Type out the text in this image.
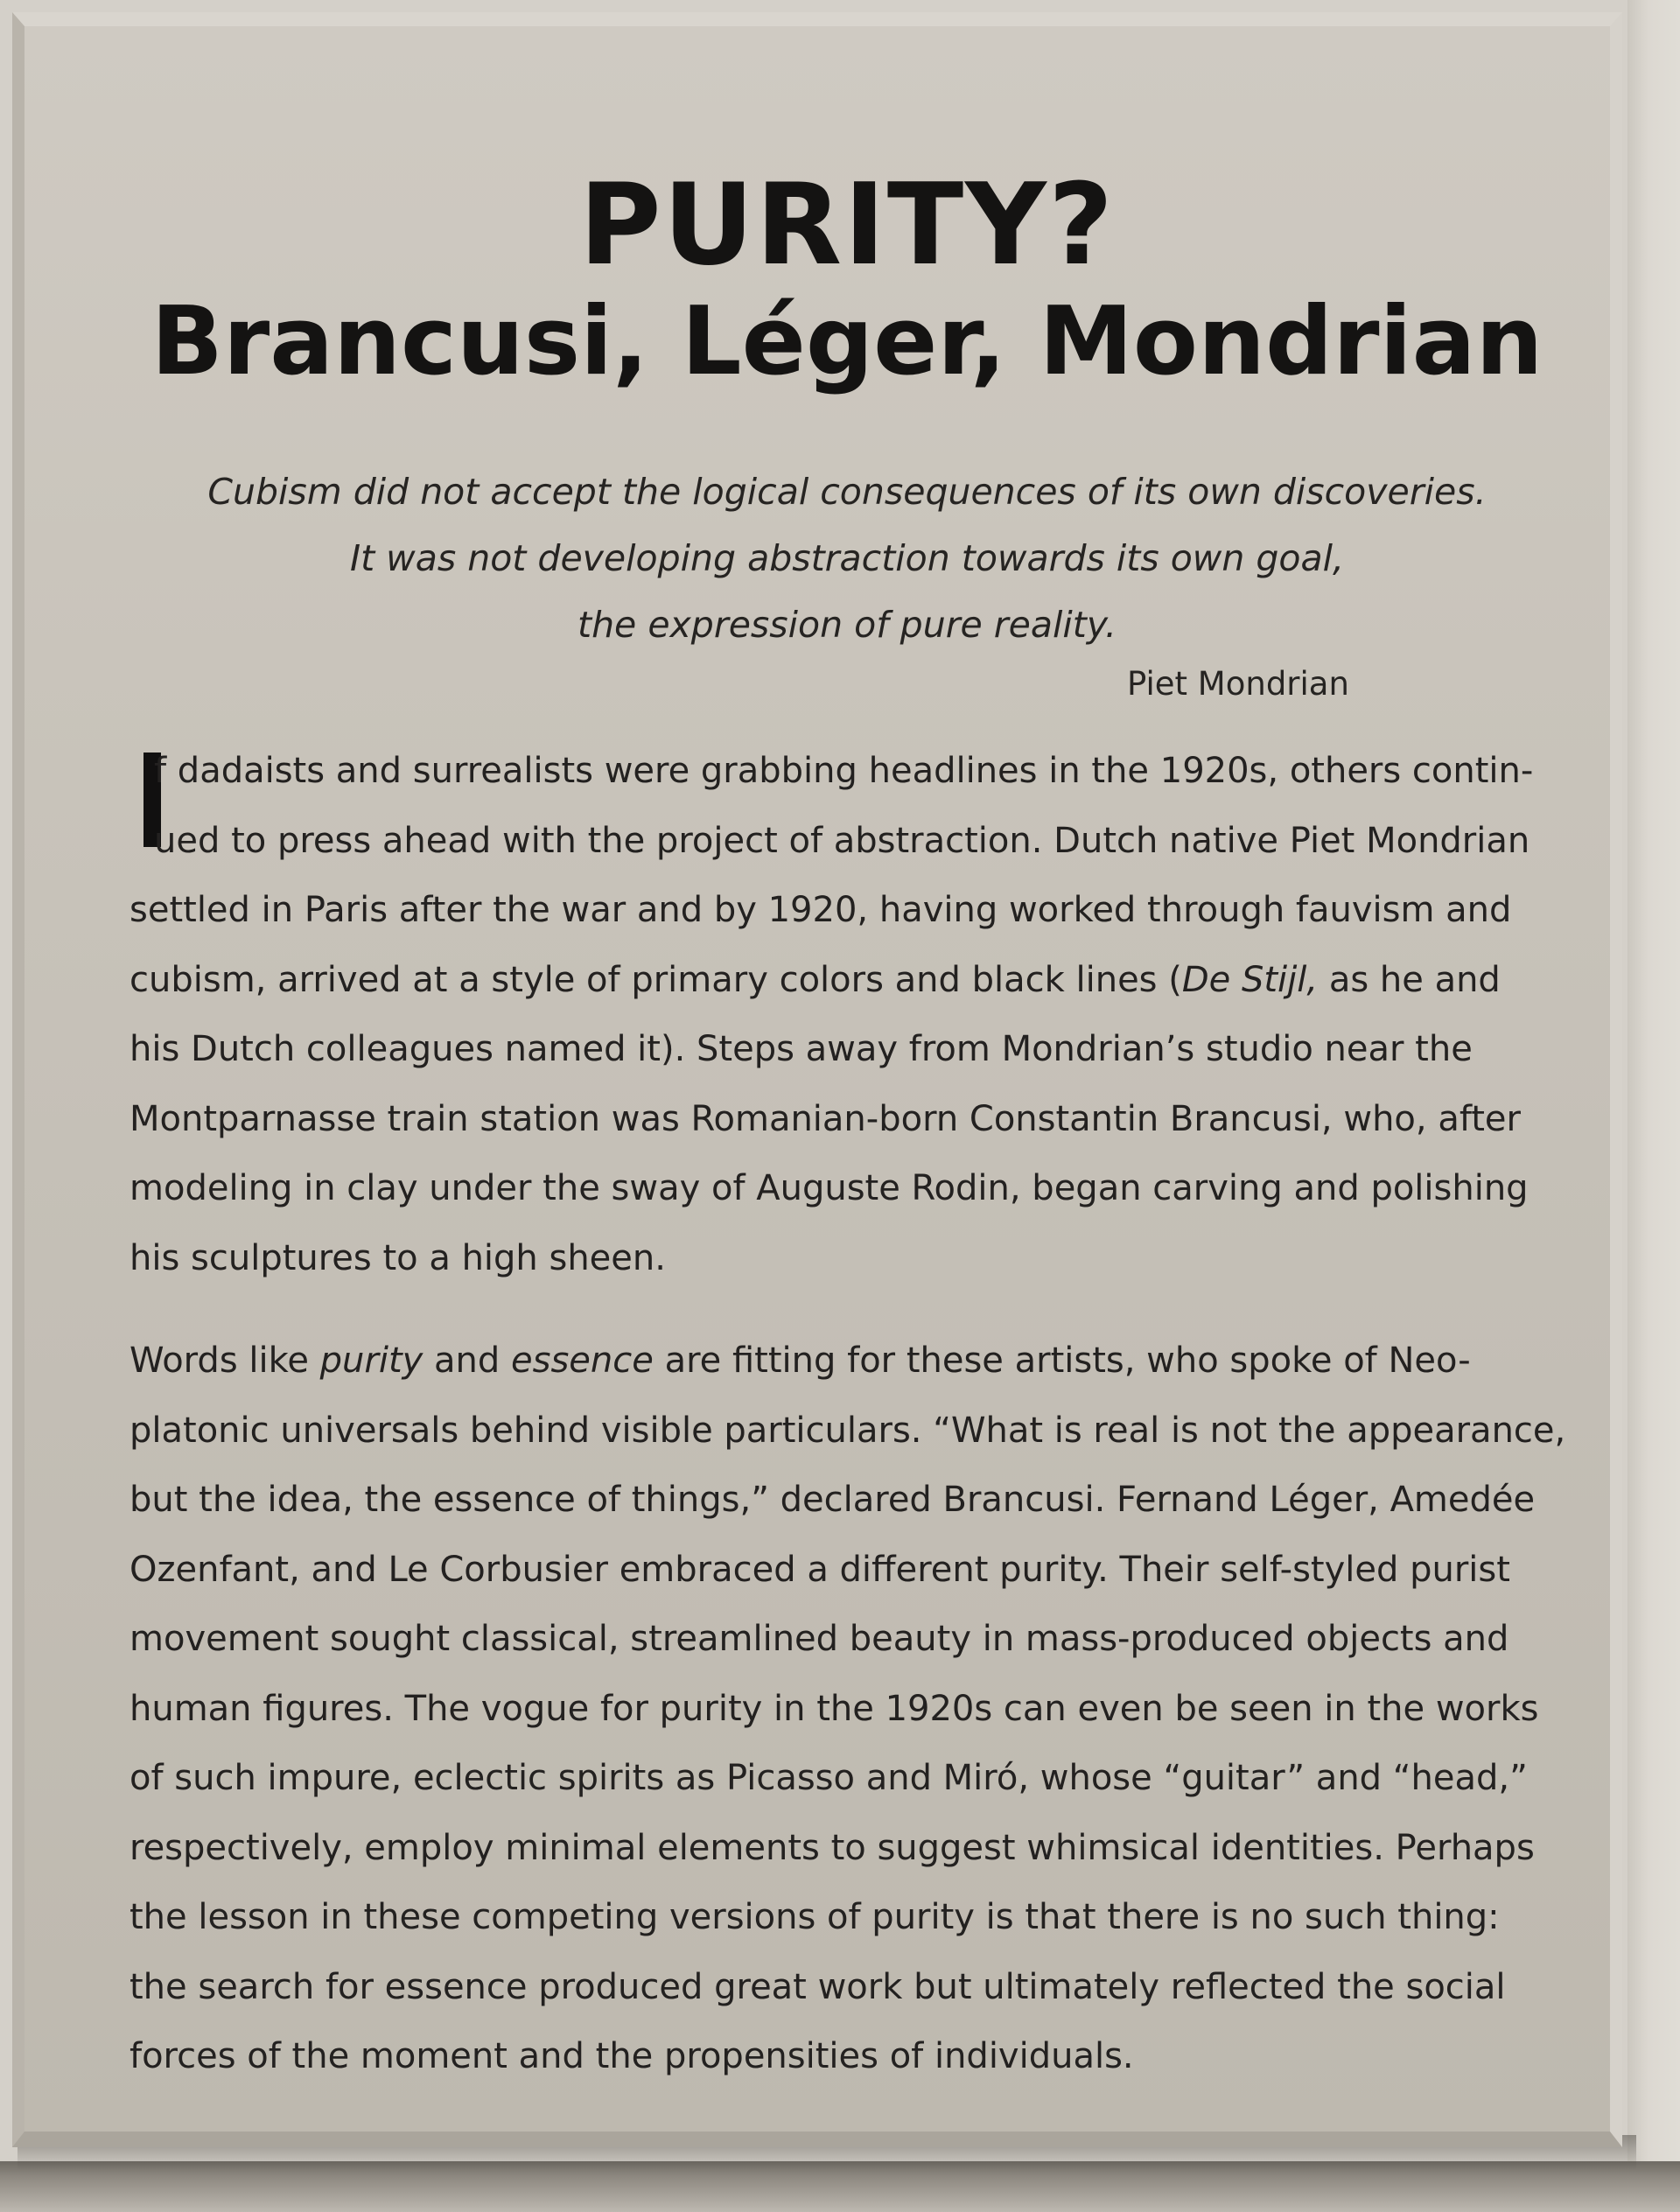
PURITY?
Brancusi, Léger, Mondrian
Cubism did not accept the logical consequences of its own discoveries.
It was not developing abstraction towards its own goal,
the expression of pure reality.
Piet Mondrian
f dadaists and surrealists were grabbing headlines in the 1920s, others contin-
ued to press ahead with the project of abstraction. Dutch native Piet Mondrian
settled in Paris after the war and by 1920, having worked through fauvism and
cubism, arrived at a style of primary colors and black lines (De Stijl, as he and
his Dutch colleagues named it). Steps away from Mondrian’s studio near the
Montparnasse train station was Romanian-born Constantin Brancusi, who, after
modeling in clay under the sway of Auguste Rodin, began carving and polishing
his sculptures to a high sheen.
Words like purity and essence are fitting for these artists, who spoke of Neo-
platonic universals behind visible particulars. “What is real is not the appearance,
but the idea, the essence of things,” declared Brancusi. Fernand Léger, Amedée
Ozenfant, and Le Corbusier embraced a different purity. Their self-styled purist
movement sought classical, streamlined beauty in mass-produced objects and
human figures. The vogue for purity in the 1920s can even be seen in the works
of such impure, eclectic spirits as Picasso and Miró, whose “guitar” and “head,”
respectively, employ minimal elements to suggest whimsical identities. Perhaps
the lesson in these competing versions of purity is that there is no such thing:
the search for essence produced great work but ultimately reflected the social
forces of the moment and the propensities of individuals.
